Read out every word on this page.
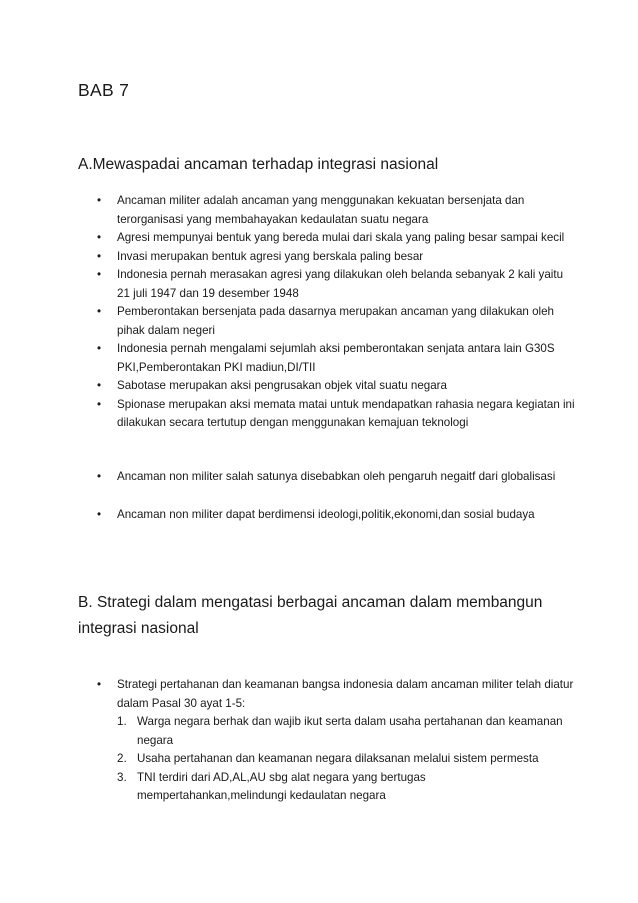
BAB 7
A.Mewaspadai ancaman terhadap integrasi nasional
• Ancaman militer adalah ancaman yang menggunakan kekuatan bersenjata dan terorganisasi yang membahayakan kedaulatan suatu negara
• Agresi mempunyai bentuk yang bereda mulai dari skala yang paling besar sampai kecil
• Invasi merupakan bentuk agresi yang berskala paling besar
• Indonesia pernah merasakan agresi yang dilakukan oleh belanda sebanyak 2 kali yaitu 21 juli 1947 dan 19 desember 1948
• Pemberontakan bersenjata pada dasarnya merupakan ancaman yang dilakukan oleh pihak dalam negeri
• Indonesia pernah mengalami sejumlah aksi pemberontakan senjata antara lain G30S PKI,Pemberontakan PKI madiun,DI/TII
• Sabotase merupakan aksi pengrusakan objek vital suatu negara
• Spionase merupakan aksi memata matai untuk mendapatkan rahasia negara kegiatan ini dilakukan secara tertutup dengan menggunakan kemajuan teknologi
• Ancaman non militer salah satunya disebabkan oleh pengaruh negaitf dari globalisasi
• Ancaman non militer dapat berdimensi ideologi,politik,ekonomi,dan sosial budaya
B. Strategi dalam mengatasi berbagai ancaman dalam membangun integrasi nasional
• Strategi pertahanan dan keamanan bangsa indonesia dalam ancaman militer telah diatur dalam Pasal 30 ayat 1-5:
1. Warga negara berhak dan wajib ikut serta dalam usaha pertahanan dan keamanan negara
2. Usaha pertahanan dan keamanan negara dilaksanan melalui sistem permesta
3. TNI terdiri dari AD,AL,AU sbg alat negara yang bertugas mempertahankan,melindungi kedaulatan negara
